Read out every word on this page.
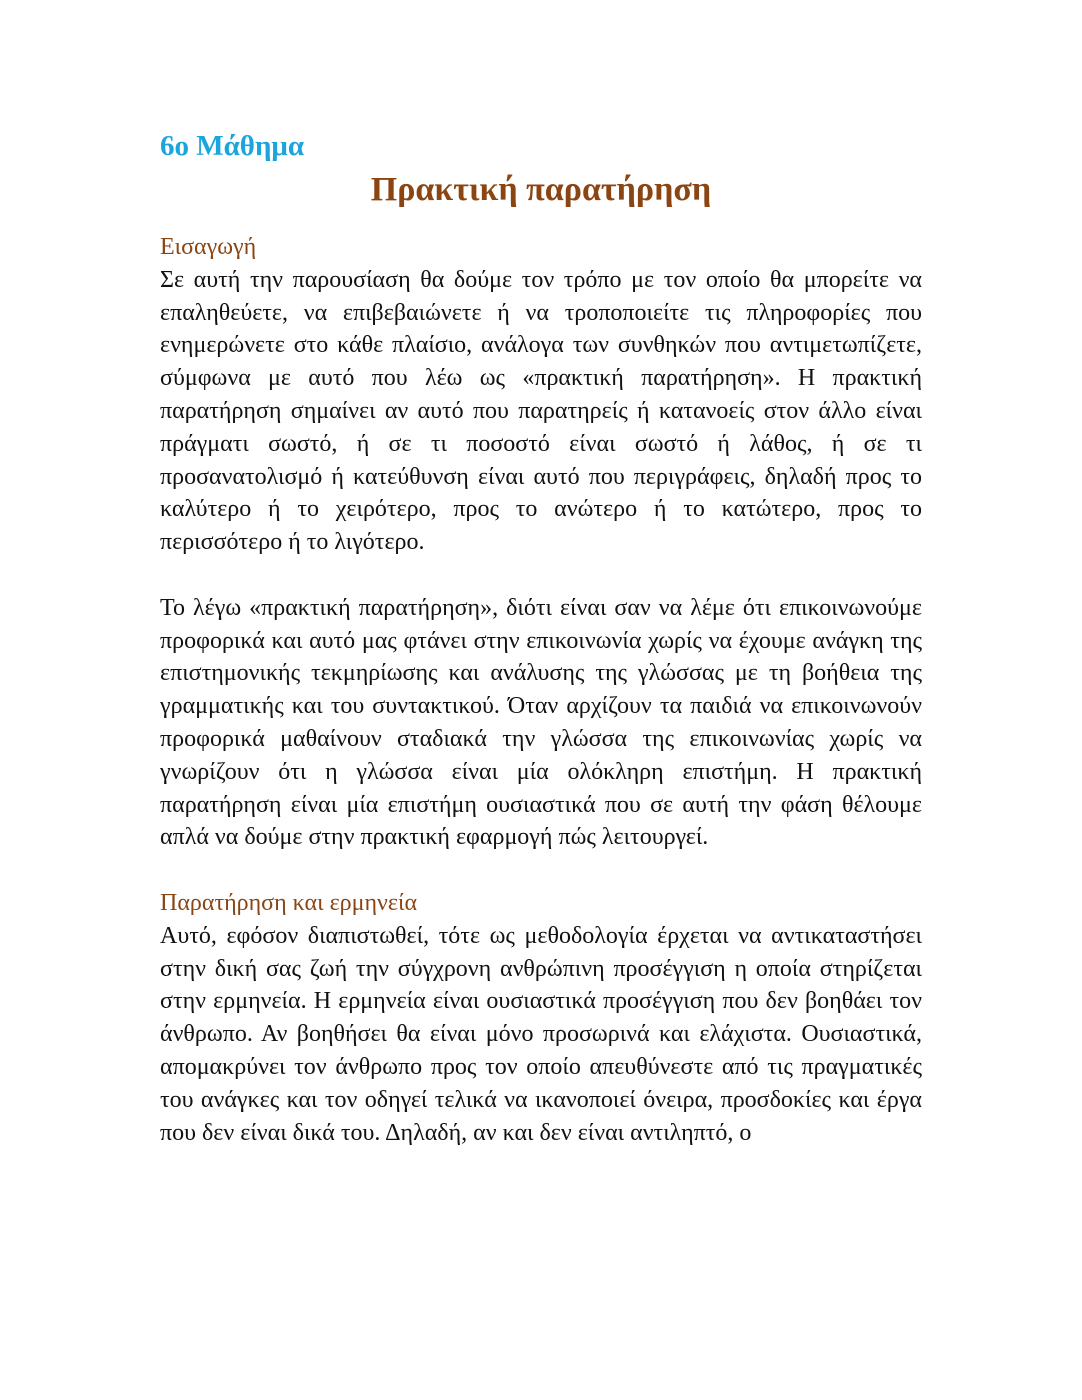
6ο Μάθημα
Πρακτική παρατήρηση
Εισαγωγή

Σε αυτή την παρουσίαση θα δούμε τον τρόπο με τον οποίο θα μπορείτε να επαληθεύετε, να επιβεβαιώνετε ή να τροποποιείτε τις πληροφορίες που ενημερώνετε στο κάθε πλαίσιο, ανάλογα των συνθηκών που αντιμετωπίζετε, σύμφωνα με αυτό που λέω ως «πρακτική παρατήρηση». Η πρακτική παρατήρηση σημαίνει αν αυτό που παρατηρείς ή κατανοείς στον άλλο είναι πράγματι σωστό, ή σε τι ποσοστό είναι σωστό ή λάθος, ή σε τι προσανατολισμό ή κατεύθυνση είναι αυτό που περιγράφεις, δηλαδή προς το καλύτερο ή το χειρότερο, προς το ανώτερο ή το κατώτερο, προς το περισσότερο ή το λιγότερο.

Το λέγω «πρακτική παρατήρηση», διότι είναι σαν να λέμε ότι επικοινωνούμε προφορικά και αυτό μας φτάνει στην επικοινωνία χωρίς να έχουμε ανάγκη της επιστημονικής τεκμηρίωσης και ανάλυσης της γλώσσας με τη βοήθεια της γραμματικής και του συντακτικού. Όταν αρχίζουν τα παιδιά να επικοινωνούν προφορικά μαθαίνουν σταδιακά την γλώσσα της επικοινωνίας χωρίς να γνωρίζουν ότι η γλώσσα είναι μία ολόκληρη επιστήμη. Η πρακτική παρατήρηση είναι μία επιστήμη ουσιαστικά που σε αυτή την φάση θέλουμε απλά να δούμε στην πρακτική εφαρμογή πώς λειτουργεί.

Παρατήρηση και ερμηνεία

Αυτό, εφόσον διαπιστωθεί, τότε ως μεθοδολογία έρχεται να αντικαταστήσει στην δική σας ζωή την σύγχρονη ανθρώπινη προσέγγιση η οποία στηρίζεται στην ερμηνεία. Η ερμηνεία είναι ουσιαστικά προσέγγιση που δεν βοηθάει τον άνθρωπο. Αν βοηθήσει θα είναι μόνο προσωρινά και ελάχιστα. Ουσιαστικά, απομακρύνει τον άνθρωπο προς τον οποίο απευθύνεστε από τις πραγματικές του ανάγκες και τον οδηγεί τελικά να ικανοποιεί όνειρα, προσδοκίες και έργα που δεν είναι δικά του. Δηλαδή, αν και δεν είναι αντιληπτό, ο
